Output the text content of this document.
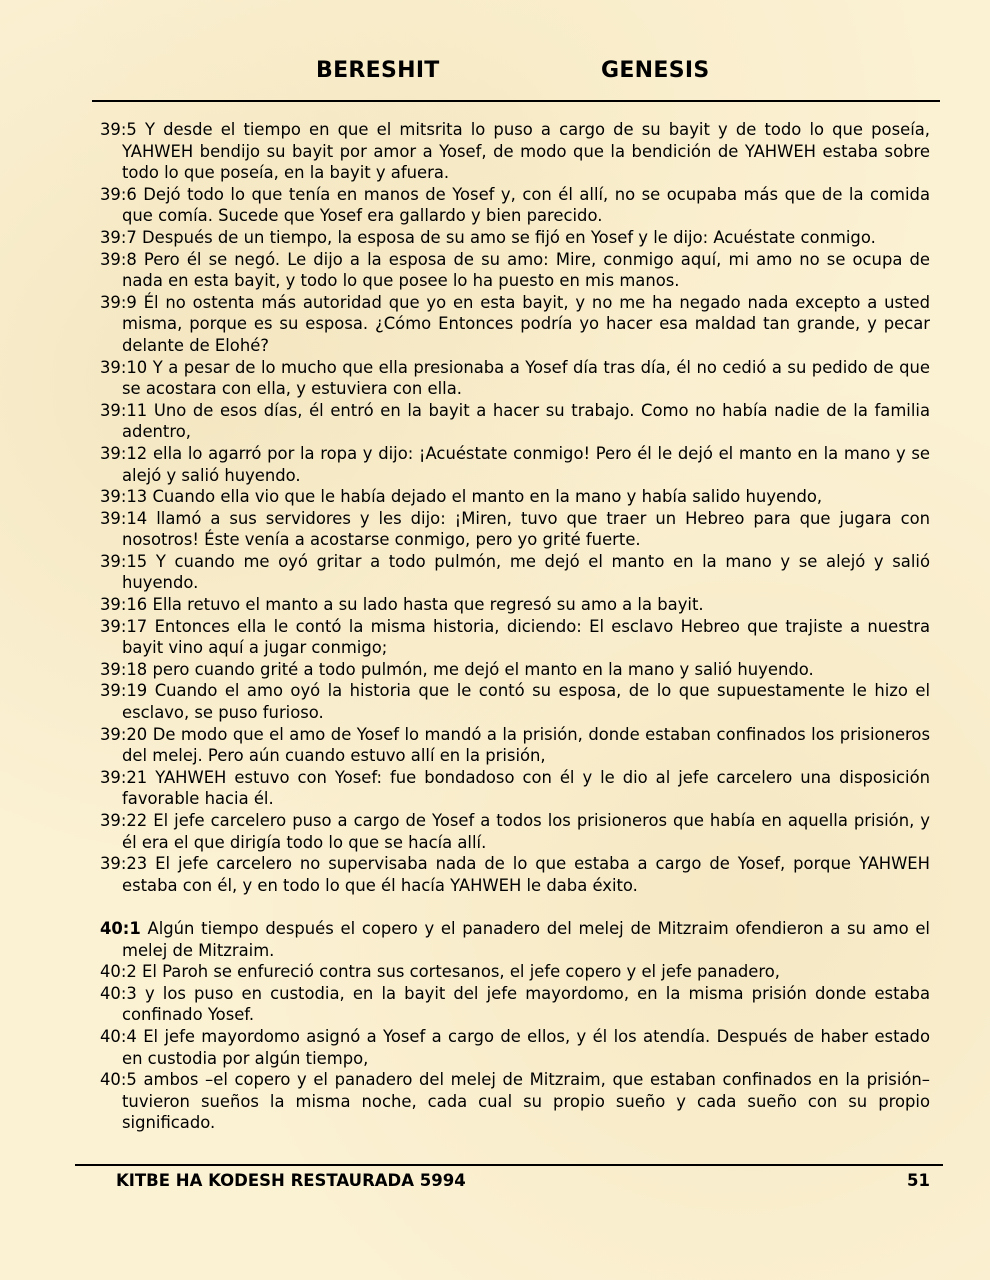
BERESHIT	GENESIS

39:5 Y desde el tiempo en que el mitsrita lo puso a cargo de su bayit y de todo lo que poseía, YAHWEH bendijo su bayit por amor a Yosef, de modo que la bendición de YAHWEH estaba sobre todo lo que poseía, en la bayit y afuera.

39:6 Dejó todo lo que tenía en manos de Yosef y, con él allí, no se ocupaba más que de la comida que comía. Sucede que Yosef era gallardo y bien parecido.

39:7 Después de un tiempo, la esposa de su amo se fijó en Yosef y le dijo: Acuéstate conmigo.

39:8 Pero él se negó. Le dijo a la esposa de su amo: Mire, conmigo aquí, mi amo no se ocupa de nada en esta bayit, y todo lo que posee lo ha puesto en mis manos.

39:9 Él no ostenta más autoridad que yo en esta bayit, y no me ha negado nada excepto a usted misma, porque es su esposa. ¿Cómo Entonces podría yo hacer esa maldad tan grande, y pecar delante de Elohé?

39:10 Y a pesar de lo mucho que ella presionaba a Yosef día tras día, él no cedió a su pedido de que se acostara con ella, y estuviera con ella.

39:11 Uno de esos días, él entró en la bayit a hacer su trabajo. Como no había nadie de la familia adentro,

39:12 ella lo agarró por la ropa y dijo: ¡Acuéstate conmigo! Pero él le dejó el manto en la mano y se alejó y salió huyendo.

39:13 Cuando ella vio que le había dejado el manto en la mano y había salido huyendo,

39:14 llamó a sus servidores y les dijo: ¡Miren, tuvo que traer un Hebreo para que jugara con nosotros! Éste venía a acostarse conmigo, pero yo grité fuerte.

39:15 Y cuando me oyó gritar a todo pulmón, me dejó el manto en la mano y se alejó y salió huyendo.

39:16 Ella retuvo el manto a su lado hasta que regresó su amo a la bayit.

39:17 Entonces ella le contó la misma historia, diciendo: El esclavo Hebreo que trajiste a nuestra bayit vino aquí a jugar conmigo;

39:18 pero cuando grité a todo pulmón, me dejó el manto en la mano y salió huyendo.

39:19 Cuando el amo oyó la historia que le contó su esposa, de lo que supuestamente le hizo el esclavo, se puso furioso.

39:20 De modo que el amo de Yosef lo mandó a la prisión, donde estaban confinados los prisioneros del melej. Pero aún cuando estuvo allí en la prisión,

39:21 YAHWEH estuvo con Yosef: fue bondadoso con él y le dio al jefe carcelero una disposición favorable hacia él.

39:22 El jefe carcelero puso a cargo de Yosef a todos los prisioneros que había en aquella prisión, y él era el que dirigía todo lo que se hacía allí.

39:23 El jefe carcelero no supervisaba nada de lo que estaba a cargo de Yosef, porque YAHWEH estaba con él, y en todo lo que él hacía YAHWEH le daba éxito.

40:1 Algún tiempo después el copero y el panadero del melej de Mitzraim ofendieron a su amo el melej de Mitzraim.

40:2 El Paroh se enfureció contra sus cortesanos, el jefe copero y el jefe panadero,

40:3 y los puso en custodia, en la bayit del jefe mayordomo, en la misma prisión donde estaba confinado Yosef.

40:4 El jefe mayordomo asignó a Yosef a cargo de ellos, y él los atendía. Después de haber estado en custodia por algún tiempo,

40:5 ambos –el copero y el panadero del melej de Mitzraim, que estaban confinados en la prisión– tuvieron sueños la misma noche, cada cual su propio sueño y cada sueño con su propio significado.

KITBE HA KODESH RESTAURADA 5994	51
